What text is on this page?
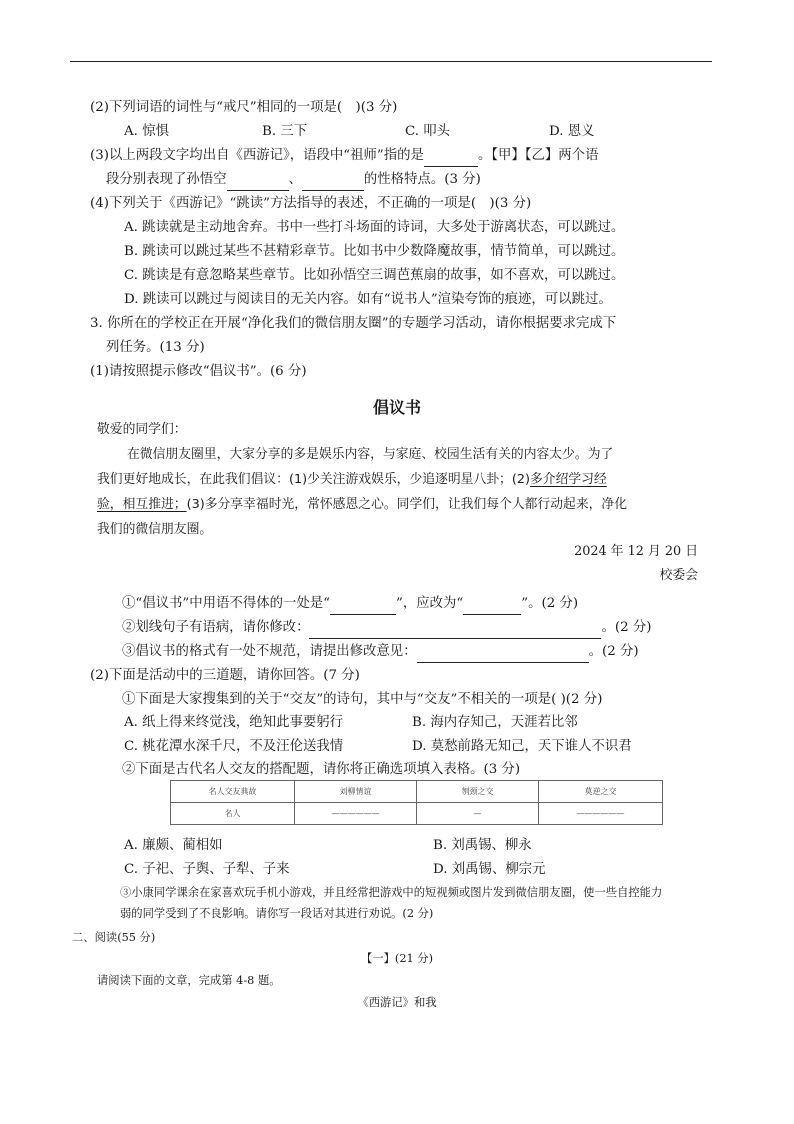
(2)下列词语的词性与“戒尺”相同的一项是(　)(3 分)
A. 惊惧	B. 三下	C. 叩头	D. 恩义
(3)以上两段文字均出自《西游记》，语段中“祖师”指的是	。【甲】【乙】两个语
段分别表现了孙悟空	、	的性格特点。(3 分)
(4)下列关于《西游记》“跳读”方法指导的表述，不正确的一项是(　)(3 分)
A. 跳读就是主动地舍弃。书中一些打斗场面的诗词，大多处于游离状态，可以跳过。
B. 跳读可以跳过某些不甚精彩章节。比如书中少数降魔故事，情节简单，可以跳过。
C. 跳读是有意忽略某些章节。比如孙悟空三调芭蕉扇的故事，如不喜欢，可以跳过。
D. 跳读可以跳过与阅读目的无关内容。如有“说书人”渲染夸饰的痕迹，可以跳过。
3. 你所在的学校正在开展“净化我们的微信朋友圈”的专题学习活动，请你根据要求完成下
列任务。(13 分)
(1)请按照提示修改“倡议书”。(6 分)
倡议书
敬爱的同学们：
在微信朋友圈里，大家分享的多是娱乐内容，与家庭、校园生活有关的内容太少。为了
我们更好地成长，在此我们倡议：(1)少关注游戏娱乐，少追逐明星八卦；(2)多介绍学习经
验，相互推进；(3)多分享幸福时光，常怀感恩之心。同学们，让我们每个人都行动起来，净化
我们的微信朋友圈。
2024 年 12 月 20 日
校委会
①“倡议书”中用语不得体的一处是“	”，应改为“	”。(2 分)
②划线句子有语病，请你修改：	。(2 分)
③倡议书的格式有一处不规范，请提出修改意见：	。(2 分)
(2)下面是活动中的三道题，请你回答。(7 分)
①下面是大家搜集到的关于“交友”的诗句，其中与“交友”不相关的一项是( )(2 分)
A. 纸上得来终觉浅，绝知此事要躬行	B. 海内存知己，天涯若比邻
C. 桃花潭水深千尺，不及汪伦送我情	D. 莫愁前路无知己，天下谁人不识君
②下面是古代名人交友的搭配题，请你将正确选项填入表格。(3 分)
名人交友典故	刘柳情谊	刎颈之交	莫逆之交
名人	——————	—	——————
A. 廉颇、蔺相如	B. 刘禹锡、柳永
C. 子祀、子舆、子犁、子来	D. 刘禹锡、柳宗元
③小康同学课余在家喜欢玩手机小游戏，并且经常把游戏中的短视频或图片发到微信朋友圈，使一些自控能力
弱的同学受到了不良影响。请你写一段话对其进行劝说。(2 分)
二、阅读(55 分)
【一】(21 分)
请阅读下面的文章，完成第 4-8 题。
《西游记》和我
